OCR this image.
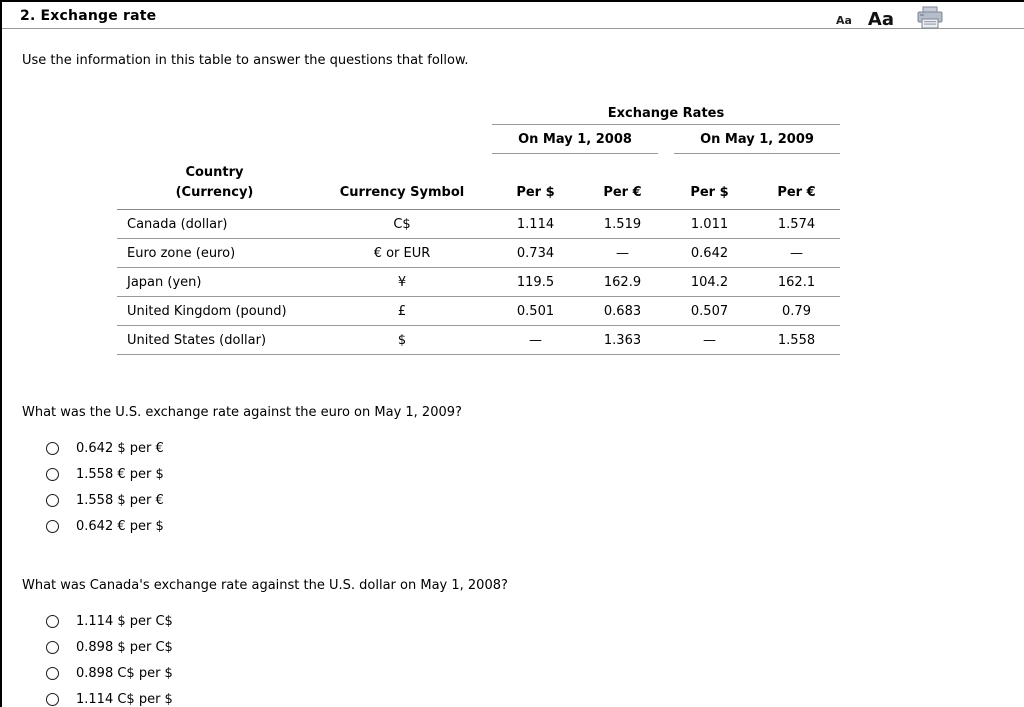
2. Exchange rate	Aa Aa

Use the information in this table to answer the questions that follow.

		Exchange Rates			

		On May 1, 2008		On May 1, 2009	

Country
(Currency)	Currency Symbol	Per $	Per €	Per $	Per €
Canada (dollar)	C$	1.114	1.519	1.011	1.574
Euro zone (euro)	€ or EUR	0.734	—	0.642	—
Japan (yen)	¥	119.5	162.9	104.2	162.1
United Kingdom (pound)	£	0.501	0.683	0.507	0.79
United States (dollar)	$	—	1.363	—	1.558

What was the U.S. exchange rate against the euro on May 1, 2009?

0.642 $ per €
1.558 € per $
1.558 $ per €
0.642 € per $

What was Canada's exchange rate against the U.S. dollar on May 1, 2008?

1.114 $ per C$
0.898 $ per C$
0.898 C$ per $
1.114 C$ per $
